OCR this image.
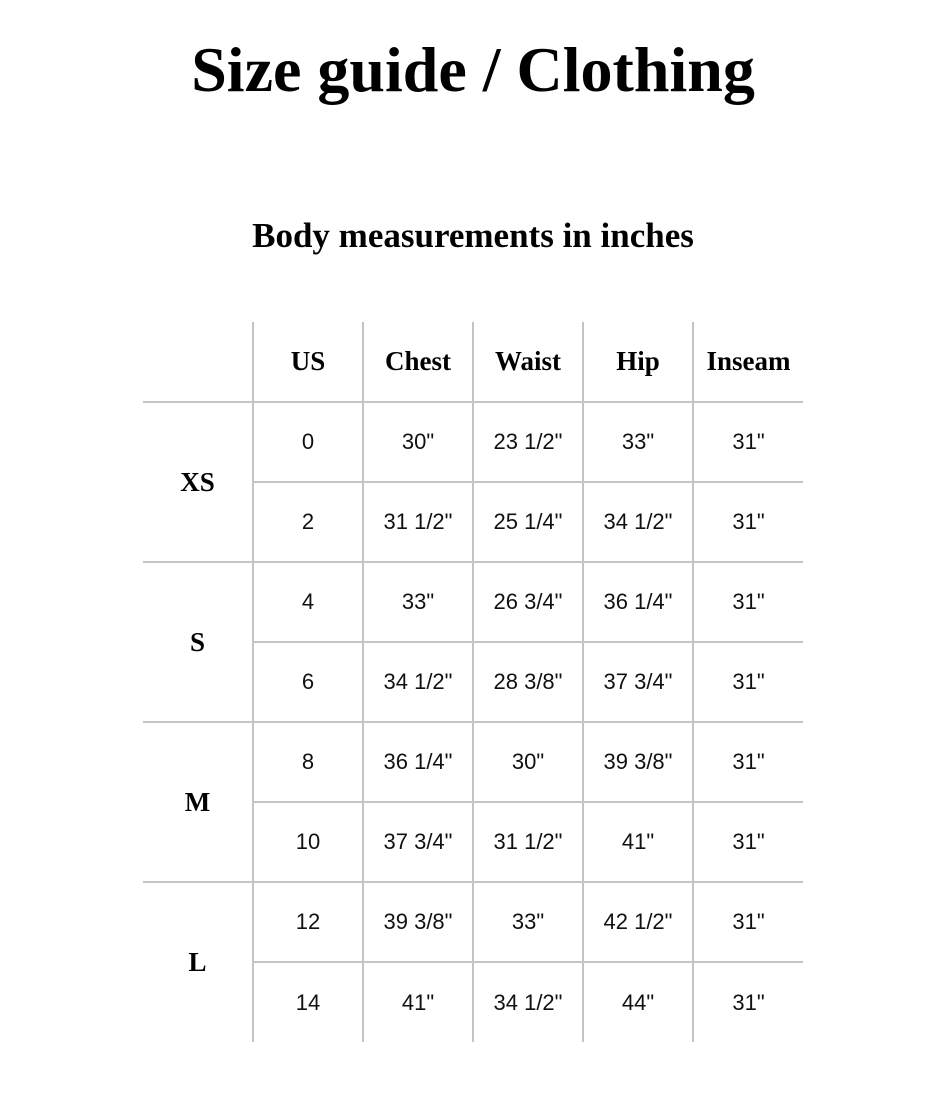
Size guide / Clothing
Body measurements in inches
	US	Chest	Waist	Hip	Inseam
XS	0	30"	23 1/2"	33"	31"
	2	31 1/2"	25 1/4"	34 1/2"	31"
S	4	33"	26 3/4"	36 1/4"	31"
	6	34 1/2"	28 3/8"	37 3/4"	31"
M	8	36 1/4"	30"	39 3/8"	31"
	10	37 3/4"	31 1/2"	41"	31"
L	12	39 3/8"	33"	42 1/2"	31"
	14	41"	34 1/2"	44"	31"
